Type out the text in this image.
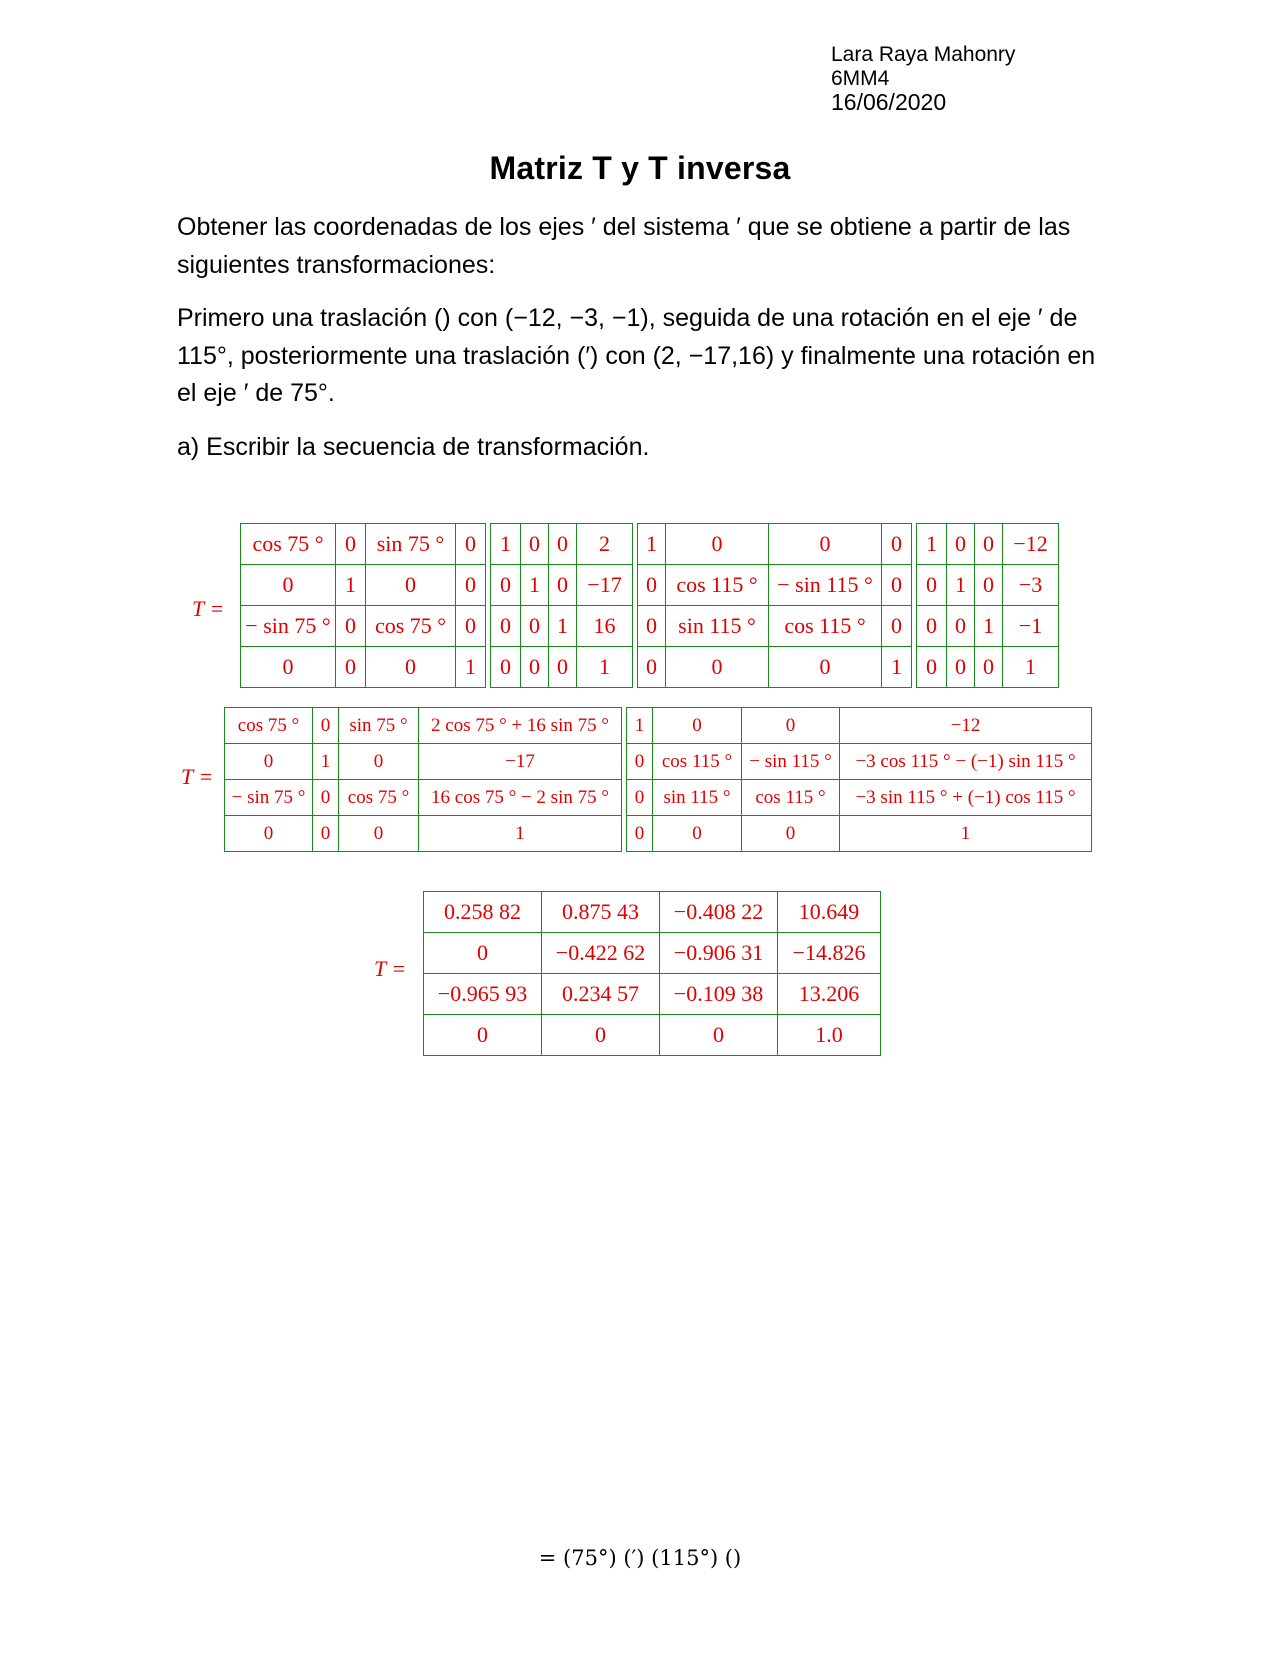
Lara Raya Mahonry
6MM4
16/06/2020
Matriz T y T inversa
Obtener las coordenadas de los ejes ′ del sistema ′ que se obtiene a partir de las siguientes transformaciones:
Primero una traslación () con (−12, −3, −1), seguida de una rotación en el eje ′ de 115°, posteriormente una traslación (′) con (2, −17,16) y finalmente una rotación en el eje ′ de 75°.
a) Escribir la secuencia de transformación.
T =
cos 75 °	0	sin 75 °	0
0	1	0	0
− sin 75 °	0	cos 75 °	0
0	0	0	1
1	0	0	2
0	1	0	−17
0	0	1	16
0	0	0	1
1	0	0	0
0	cos 115 °	− sin 115 °	0
0	sin 115 °	cos 115 °	0
0	0	0	1
1	0	0	−12
0	1	0	−3
0	0	1	−1
0	0	0	1
T =
cos 75 °	0	sin 75 °	2 cos 75 ° + 16 sin 75 °
0	1	0	−17
− sin 75 °	0	cos 75 °	16 cos 75 ° − 2 sin 75 °
0	0	0	1
1	0	0	−12
0	cos 115 °	− sin 115 °	−3 cos 115 ° − (−1) sin 115 °
0	sin 115 °	cos 115 °	−3 sin 115 ° + (−1) cos 115 °
0	0	0	1
T =
0.258 82	0.875 43	−0.408 22	10.649
0	−0.422 62	−0.906 31	−14.826
−0.965 93	0.234 57	−0.109 38	13.206
0	0	0	1.0
= (75°) (′) (115°) ()
